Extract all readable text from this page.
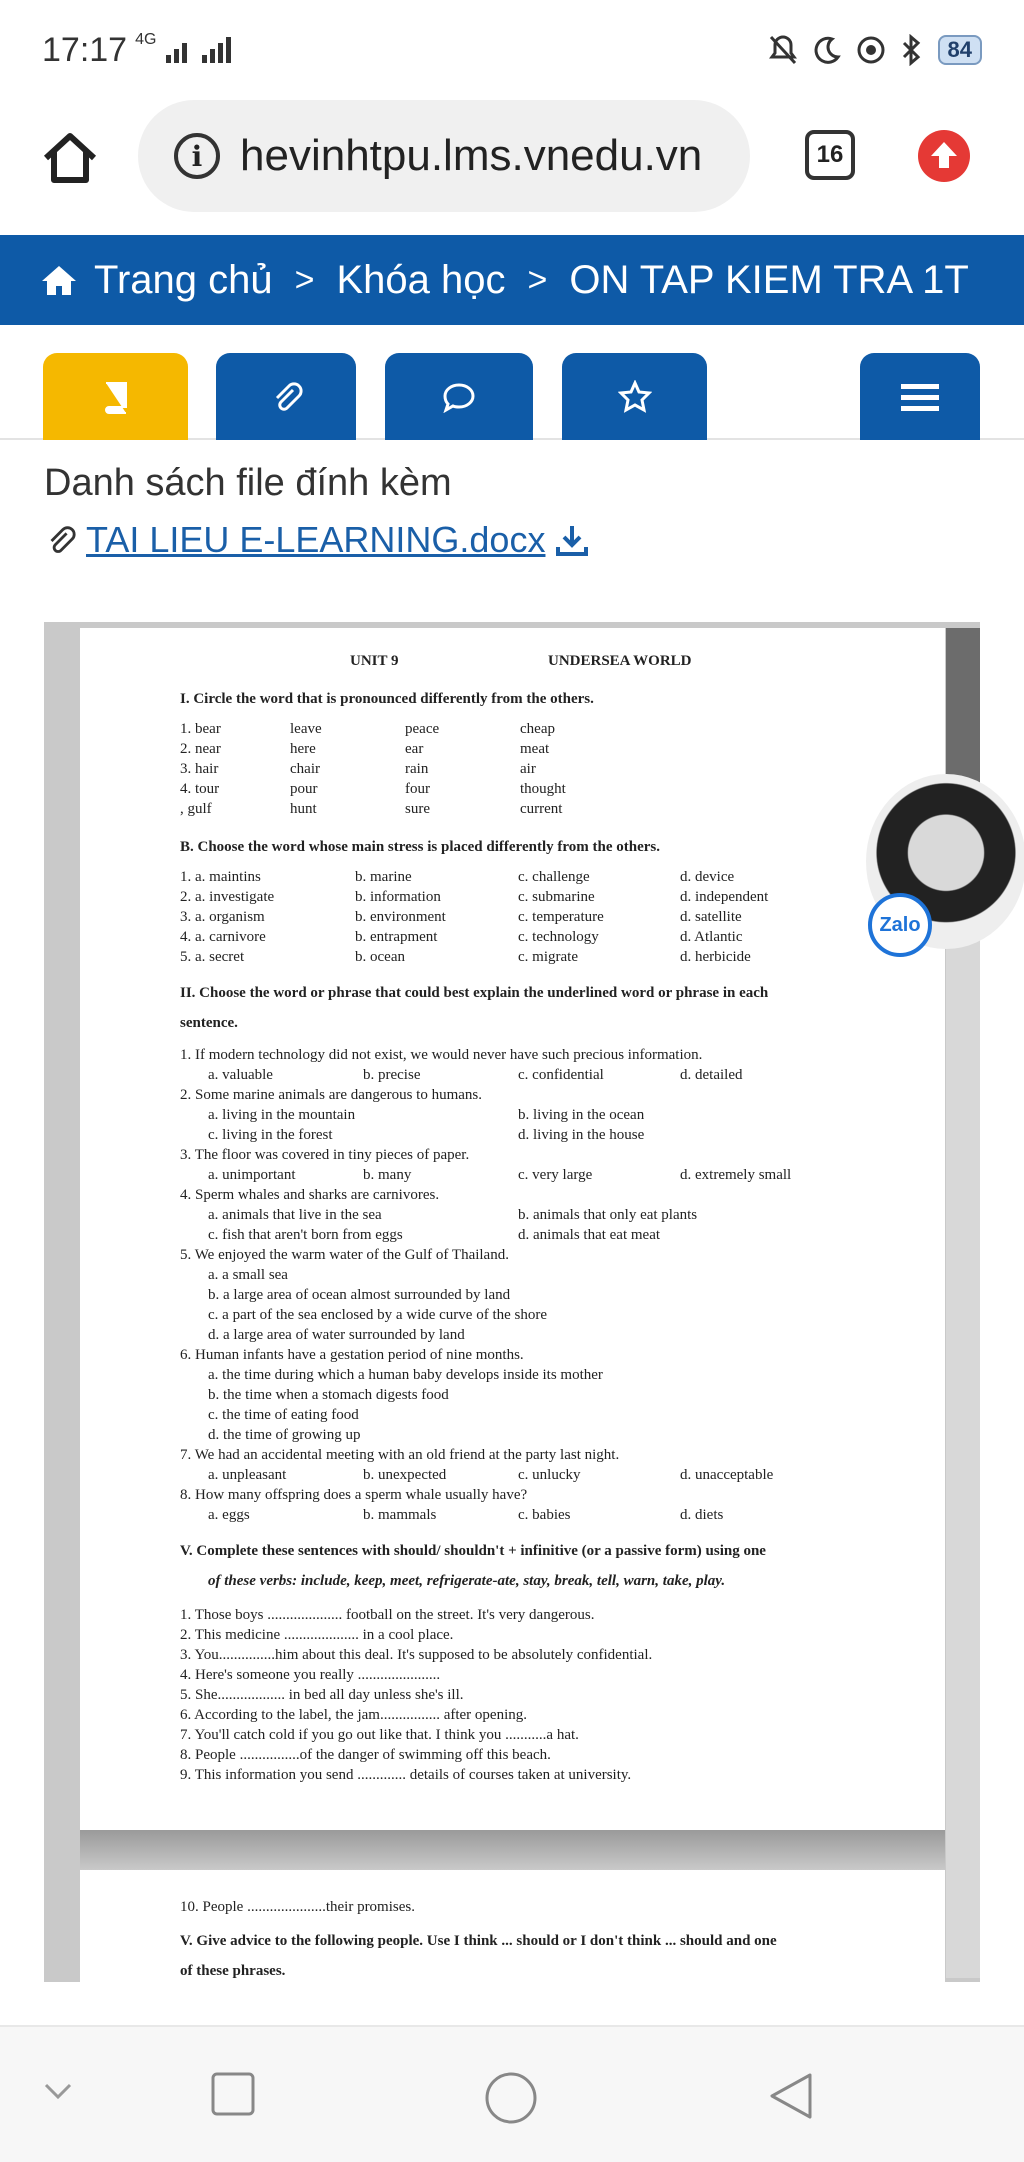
17:17 4G	84
i hevinhtpu.lms.vnedu.vn	16
Trang chủ > Khóa học > ON TAP KIEM TRA 1T
Danh sách file đính kèm
TAI LIEU E-LEARNING.docx
UNIT 9	UNDERSEA WORLD
I. Circle the word that is pronounced differently from the others.
1. bear	leave	peace	cheap
2. near	here	ear	meat
3. hair	chair	rain	air
4. tour	pour	four	thought
, gulf	hunt	sure	current
B. Choose the word whose main stress is placed differently from the others.
1. a. maintins	b. marine	c. challenge	d. device
2. a. investigate	b. information	c. submarine	d. independent
3. a. organism	b. environment	c. temperature	d. satellite
4. a. carnivore	b. entrapment	c. technology	d. Atlantic
5. a. secret	b. ocean	c. migrate	d. herbicide
II. Choose the word or phrase that could best explain the underlined word or phrase in each
sentence.
1. If modern technology did not exist, we would never have such precious information.
a. valuable	b. precise	c. confidential	d. detailed
2. Some marine animals are dangerous to humans.
a. living in the mountain	b. living in the ocean
c. living in the forest	d. living in the house
3. The floor was covered in tiny pieces of paper.
a. unimportant	b. many	c. very large	d. extremely small
4. Sperm whales and sharks are carnivores.
a. animals that live in the sea	b. animals that only eat plants
c. fish that aren't born from eggs	d. animals that eat meat
5. We enjoyed the warm water of the Gulf of Thailand.
a. a small sea
b. a large area of ocean almost surrounded by land
c. a part of the sea enclosed by a wide curve of the shore
d. a large area of water surrounded by land
6. Human infants have a gestation period of nine months.
a. the time during which a human baby develops inside its mother
b. the time when a stomach digests food
c. the time of eating food
d. the time of growing up
7. We had an accidental meeting with an old friend at the party last night.
a. unpleasant	b. unexpected	c. unlucky	d. unacceptable
8. How many offspring does a sperm whale usually have?
a. eggs	b. mammals	c. babies	d. diets
V. Complete these sentences with should/ shouldn't + infinitive (or a passive form) using one
of these verbs: include, keep, meet, refrigerate-ate, stay, break, tell, warn, take, play.
1. Those boys .................... football on the street. It's very dangerous.
2. This medicine .................... in a cool place.
3. You...............him about this deal. It's supposed to be absolutely confidential.
4. Here's someone you really ......................
5. She.................. in bed all day unless she's ill.
6. According to the label, the jam................ after opening.
7. You'll catch cold if you go out like that. I think you ...........a hat.
8. People ................of the danger of swimming off this beach.
9. This information you send ............. details of courses taken at university.
10. People .....................their promises.
V. Give advice to the following people. Use I think ... should or I don't think ... should and one
of these phrases.
Zalo
